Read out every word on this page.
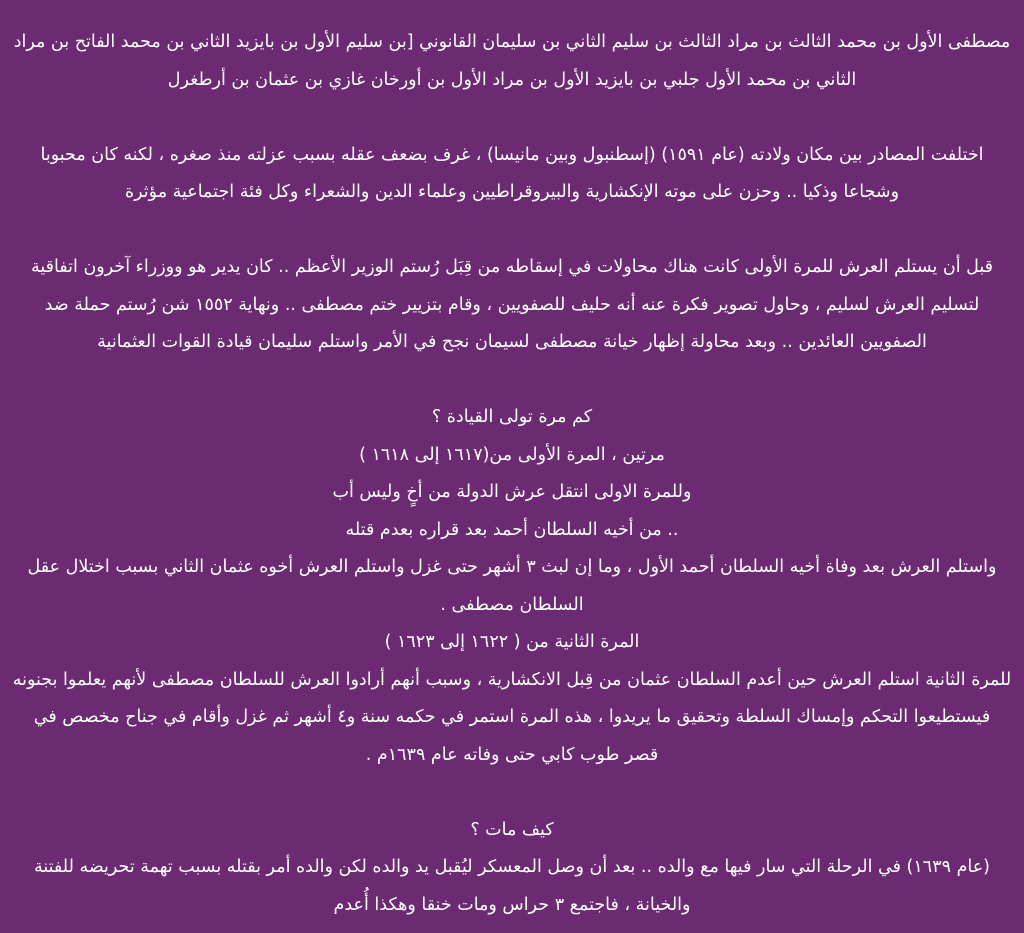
مصطفى الأول بن محمد الثالث بن مراد الثالث بن سليم الثاني بن سليمان القانوني [بن سليم الأول بن بايزيد الثاني بن محمد الفاتح بن مراد
الثاني بن محمد الأول جلبي بن بايزيد الأول بن مراد الأول بن أورخان غازي بن عثمان بن أرطغرل

اختلفت المصادر بين مكان ولادته (عام ١٥٩١) (إسطنبول وبين مانيسا) ، غرف بضعف عقله بسبب عزلته منذ صغره ، لكنه كان محبوبا
وشجاعا وذكيا .. وحزن على موته الإنكشارية والبيروقراطيين وعلماء الدين والشعراء وكل فئة اجتماعية مؤثرة

قبل أن يستلم العرش للمرة الأولى كانت هناك محاولات في إسقاطه من قِبَل رُستم الوزير الأعظم .. كان يدير هو ووزراء آخرون اتفاقية
لتسليم العرش لسليم ، وحاول تصوير فكرة عنه أنه حليف للصفويين ، وقام بتزيير ختم مصطفى .. ونهاية ١٥٥٢ شن رُستم حملة ضد
الصفويين العائدين .. وبعد محاولة إظهار خيانة مصطفى لسيمان نجح في الأمر واستلم سليمان قيادة القوات العثمانية

كم مرة تولى القيادة ؟
مرتين ، المرة الأولى من(١٦١٧ إلى ١٦١٨ )
وللمرة الاولى انتقل عرش الدولة من أخٍ وليس أب
.. من أخيه السلطان أحمد بعد قراره بعدم قتله
واستلم العرش بعد وفاة أخيه السلطان أحمد الأول ، وما إن لبث ٣ أشهر حتى غزل واستلم العرش أخوه عثمان الثاني بسبب اختلال عقل
السلطان مصطفى .
المرة الثانية من ( ١٦٢٢ إلى ١٦٢٣ )
للمرة الثانية استلم العرش حين أعدم السلطان عثمان من قِبل الانكشارية ، وسبب أنهم أرادوا العرش للسلطان مصطفى لأنهم يعلموا بجنونه
فيستطيعوا التحكم وإمساك السلطة وتحقيق ما يريدوا ، هذه المرة استمر في حكمه سنة و٤ أشهر ثم غزل وأقام في جناح مخصص في
قصر طوب كابي حتى وفاته عام ١٦٣٩م .

كيف مات ؟
(عام ١٦٣٩) في الرحلة التي سار فيها مع والده .. بعد أن وصل المعسكر ليُقبل يد والده لكن والده أمر بقتله بسبب تهمة تحريضه للفتنة
والخيانة ، فاجتمع ٣ حراس ومات خنقا وهكذا أُعدم
